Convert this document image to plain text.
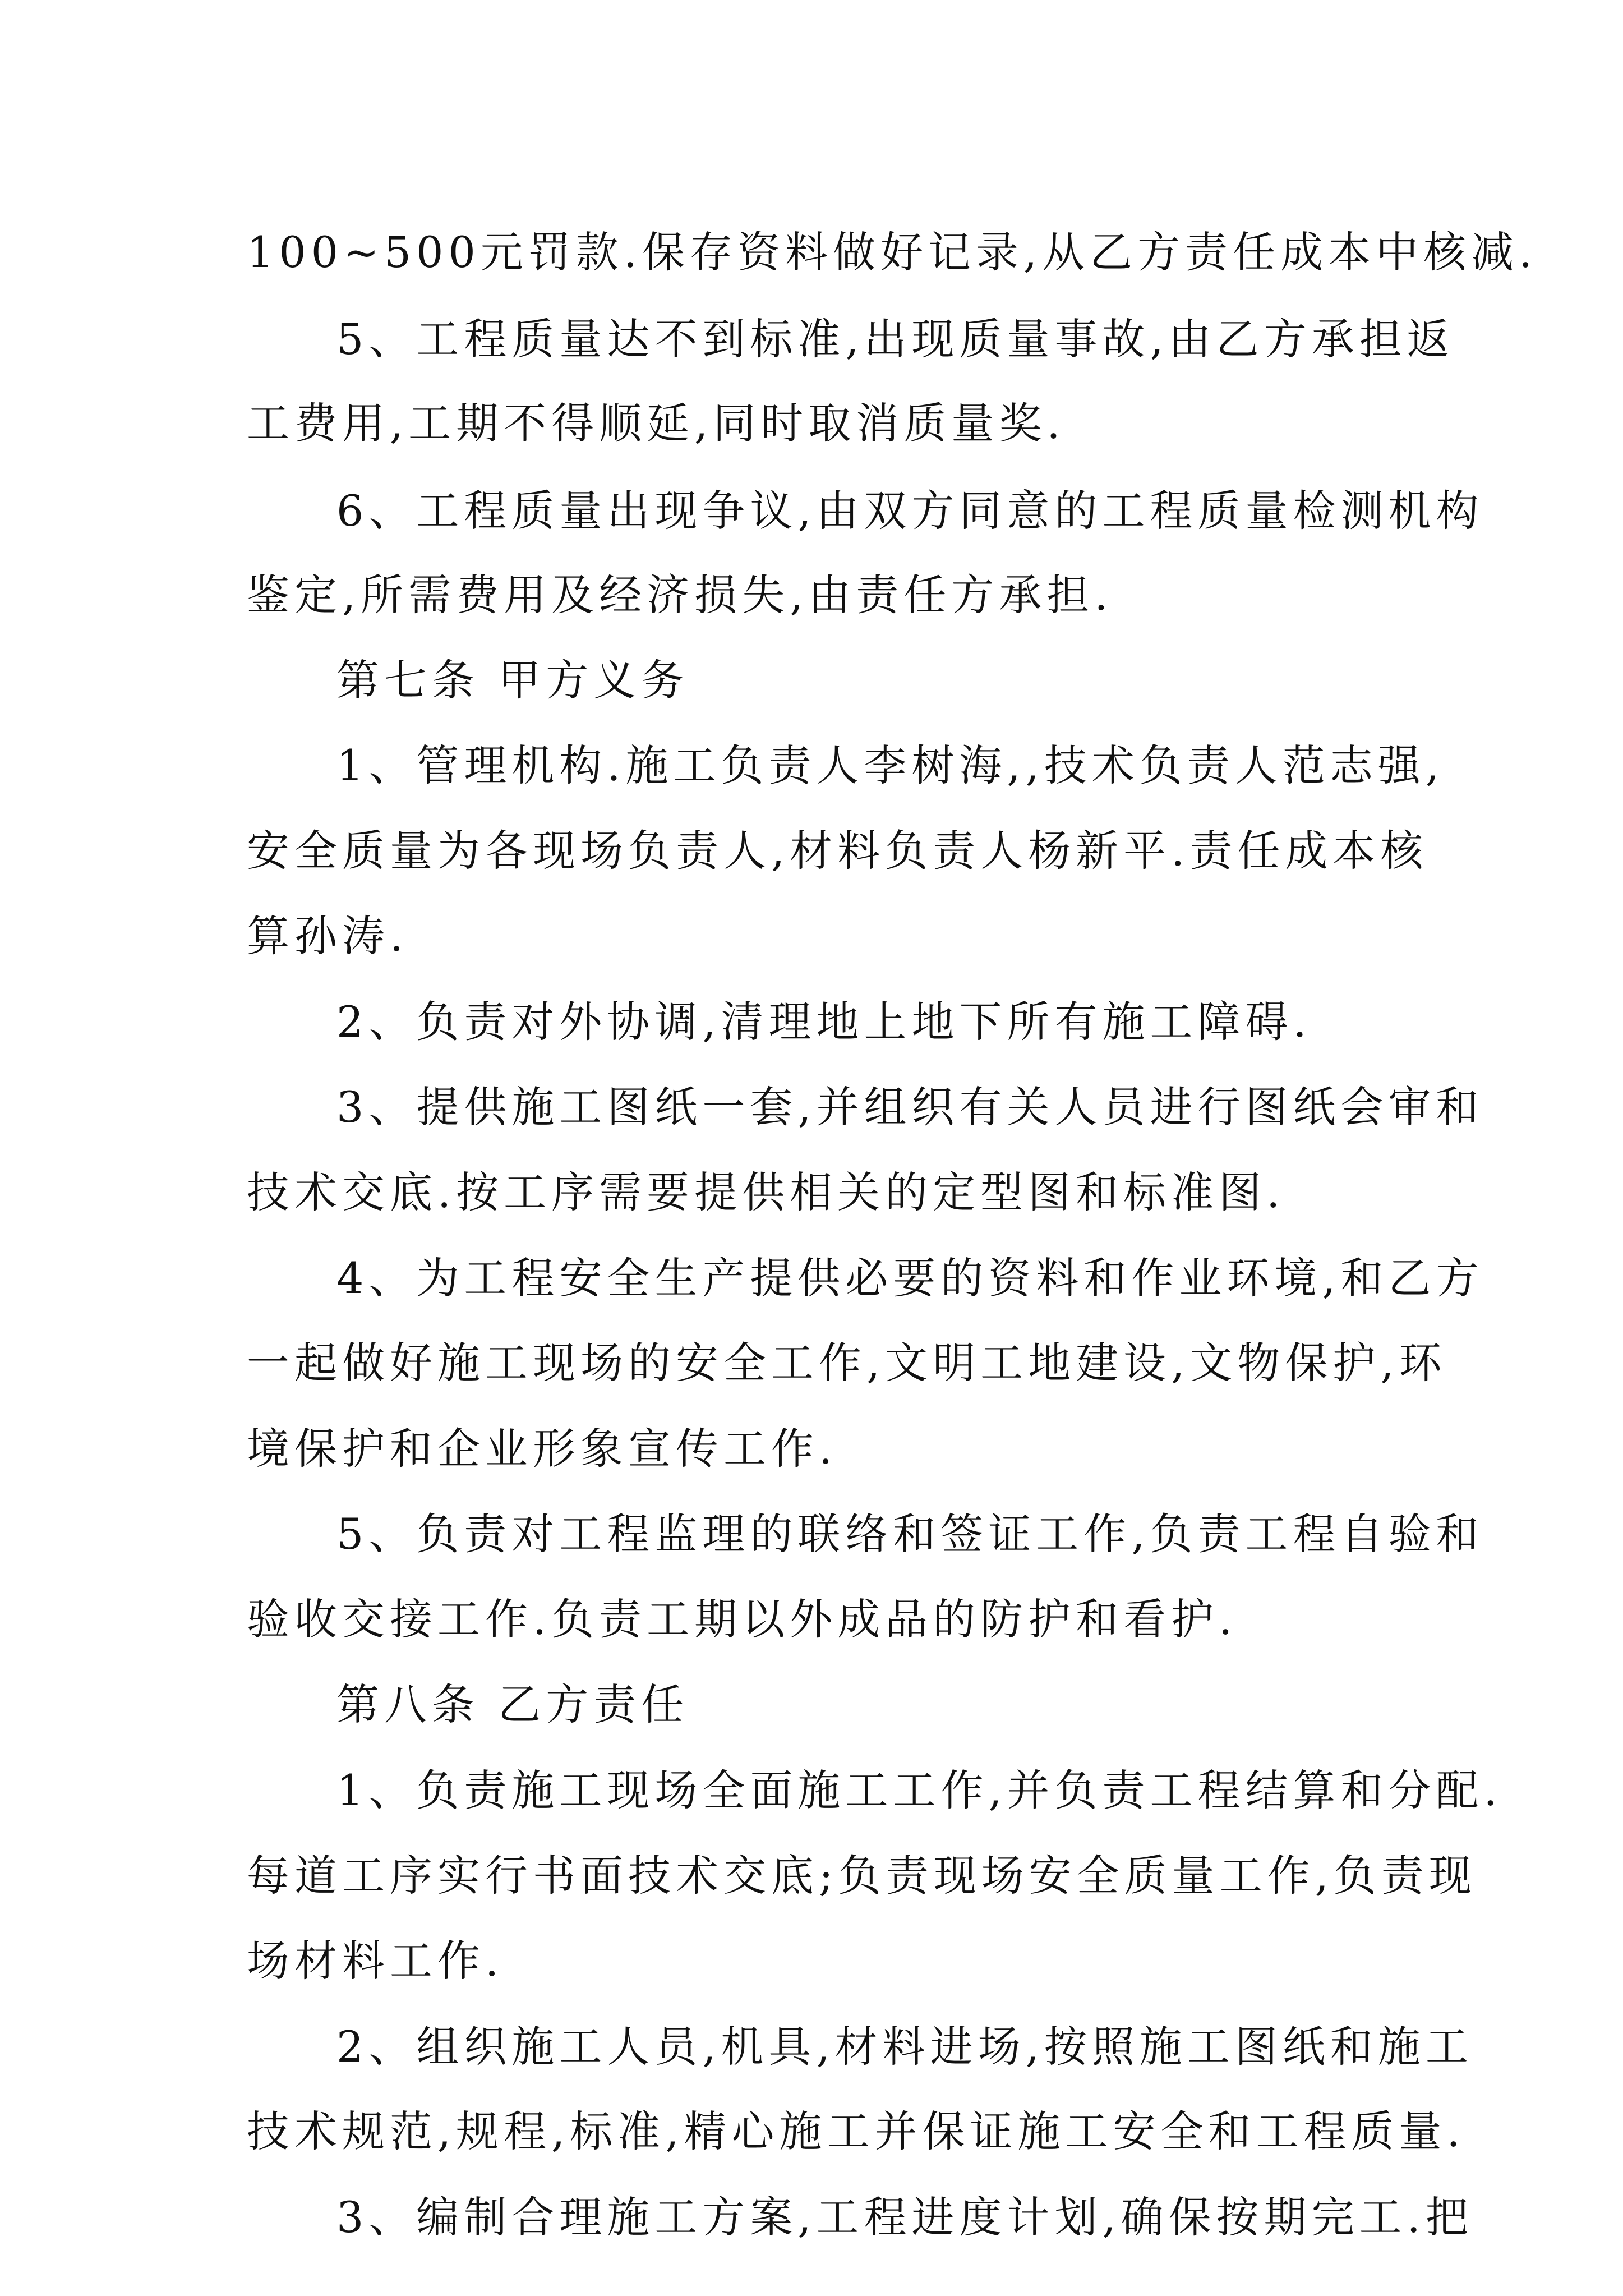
100~500元罚款.保存资料做好记录,从乙方责任成本中核减.
5、工程质量达不到标准,出现质量事故,由乙方承担返
工费用,工期不得顺延,同时取消质量奖.
6、工程质量出现争议,由双方同意的工程质量检测机构
鉴定,所需费用及经济损失,由责任方承担.
第七条 甲方义务
1、管理机构.施工负责人李树海,,技术负责人范志强,
安全质量为各现场负责人,材料负责人杨新平.责任成本核
算孙涛.
2、负责对外协调,清理地上地下所有施工障碍.
3、提供施工图纸一套,并组织有关人员进行图纸会审和
技术交底.按工序需要提供相关的定型图和标准图.
4、为工程安全生产提供必要的资料和作业环境,和乙方
一起做好施工现场的安全工作,文明工地建设,文物保护,环
境保护和企业形象宣传工作.
5、负责对工程监理的联络和签证工作,负责工程自验和
验收交接工作.负责工期以外成品的防护和看护.
第八条 乙方责任
1、负责施工现场全面施工工作,并负责工程结算和分配.
每道工序实行书面技术交底;负责现场安全质量工作,负责现
场材料工作.
2、组织施工人员,机具,材料进场,按照施工图纸和施工
技术规范,规程,标准,精心施工并保证施工安全和工程质量.
3、编制合理施工方案,工程进度计划,确保按期完工.把
